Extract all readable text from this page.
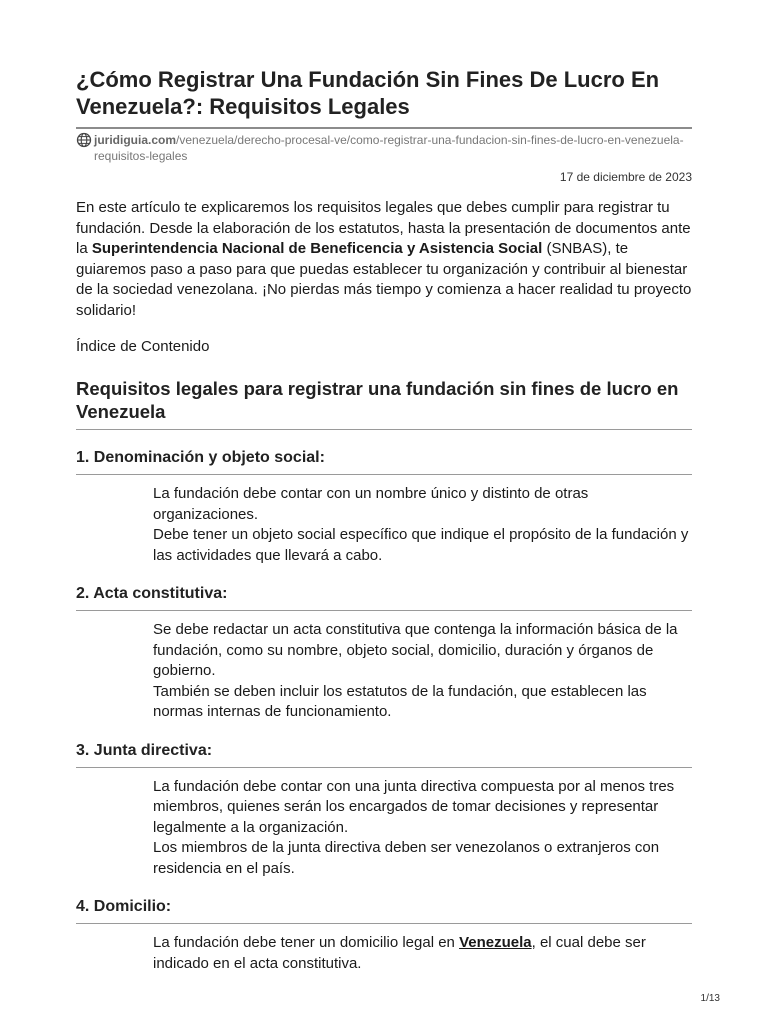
¿Cómo Registrar Una Fundación Sin Fines De Lucro En Venezuela?: Requisitos Legales
juridiguia.com/venezuela/derecho-procesal-ve/como-registrar-una-fundacion-sin-fines-de-lucro-en-venezuela-requisitos-legales
17 de diciembre de 2023

En este artículo te explicaremos los requisitos legales que debes cumplir para registrar tu fundación. Desde la elaboración de los estatutos, hasta la presentación de documentos ante la Superintendencia Nacional de Beneficencia y Asistencia Social (SNBAS), te guiaremos paso a paso para que puedas establecer tu organización y contribuir al bienestar de la sociedad venezolana. ¡No pierdas más tiempo y comienza a hacer realidad tu proyecto solidario!

Índice de Contenido
Requisitos legales para registrar una fundación sin fines de lucro en Venezuela
1. Denominación y objeto social:
La fundación debe contar con un nombre único y distinto de otras organizaciones.
Debe tener un objeto social específico que indique el propósito de la fundación y las actividades que llevará a cabo.
2. Acta constitutiva:
Se debe redactar un acta constitutiva que contenga la información básica de la fundación, como su nombre, objeto social, domicilio, duración y órganos de gobierno.
También se deben incluir los estatutos de la fundación, que establecen las normas internas de funcionamiento.
3. Junta directiva:
La fundación debe contar con una junta directiva compuesta por al menos tres miembros, quienes serán los encargados de tomar decisiones y representar legalmente a la organización.
Los miembros de la junta directiva deben ser venezolanos o extranjeros con residencia en el país.
4. Domicilio:
La fundación debe tener un domicilio legal en Venezuela, el cual debe ser indicado en el acta constitutiva.
1/13
